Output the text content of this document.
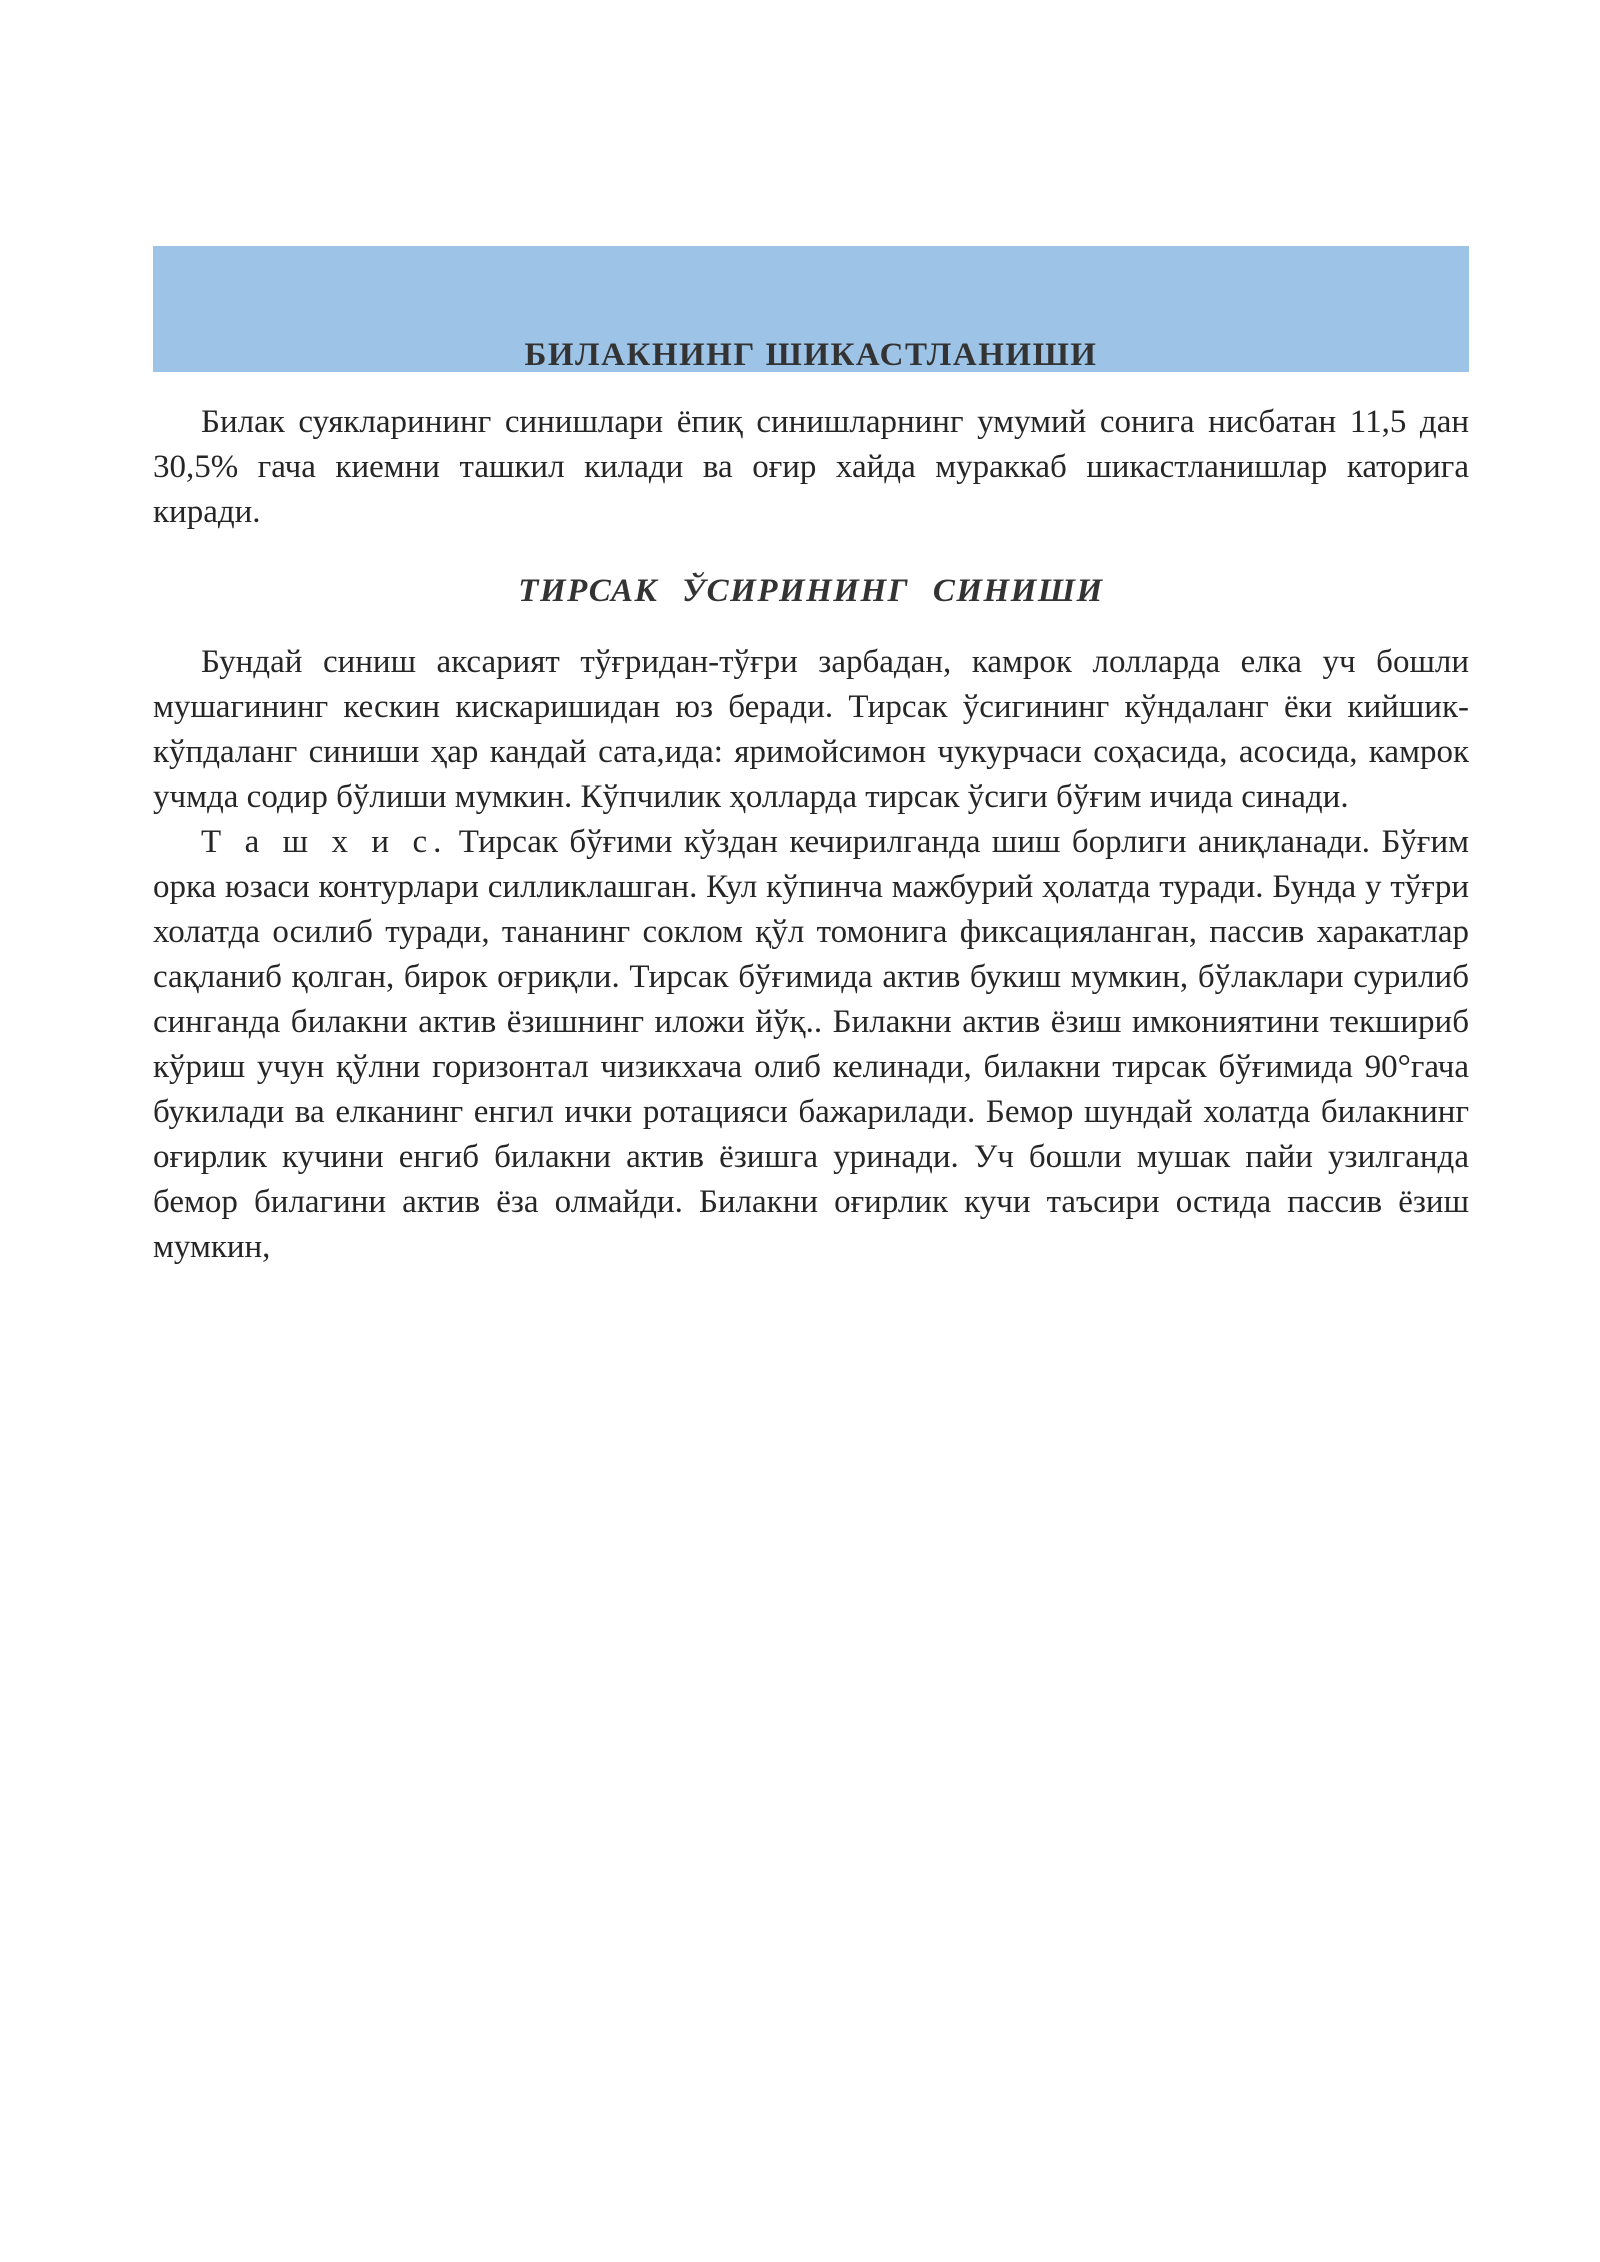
БИЛАКНИНГ ШИКАСТЛАНИШИ

Билак суякларининг синишлари ёпиқ синишларнинг умумий сонига нисбатан 11,5 дан 30,5% гача киемни ташкил килади ва оғир хайда мураккаб шикастланишлар каторига киради.

ТИРСАК ЎСИРИНИНГ СИНИШИ

Бундай синиш аксарият тўғридан-тўғри зарбадан, камрок лолларда елка уч бошли мушагининг кескин кискаришидан юз беради. Тирсак ўсигининг кўндаланг ёки кийшик-кўпдаланг синиши ҳар кандай сата,ида: яримойсимон чукурчаси соҳасида, асосида, камрок учмда содир бўлиши мумкин. Кўпчилик ҳолларда тирсак ўсиги бўғим ичида синади.

Т а ш х и с. Тирсак бўғими кўздан кечирилганда шиш борлиги аниқланади. Бўғим орка юзаси контурлари силликлашган. Кул кўпинча мажбурий ҳолатда туради. Бунда у тўғри холатда осилиб туради, тананинг соклом қўл томонига фиксацияланган, пассив харакатлар сақланиб қолган, бирок оғриқли. Тирсак бўғимида актив букиш мумкин, бўлаклари сурилиб синганда билакни актив ёзишнинг иложи йўқ.. Билакни актив ёзиш имкониятини текшириб кўриш учун қўлни горизонтал чизикхача олиб келинади, билакни тирсак бўғимида 90°гача букилади ва елканинг енгил ички ротацияси бажарилади. Бемор шундай холатда билакнинг оғирлик кучини енгиб билакни актив ёзишга уринади. Уч бошли мушак пайи узилганда бемор билагини актив ёза олмайди. Билакни оғирлик кучи таъсири остида пассив ёзиш мумкин,
